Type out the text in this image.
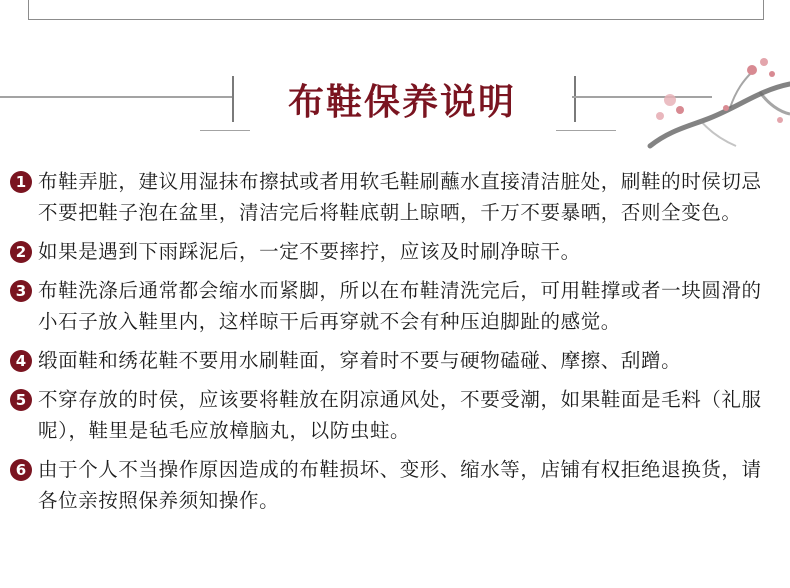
布鞋保养说明
1 布鞋弄脏，建议用湿抹布擦拭或者用软毛鞋刷蘸水直接清洁脏处，刷鞋的时侯切忌不要把鞋子泡在盆里，清洁完后将鞋底朝上晾晒，千万不要暴晒，否则全变色。
2 如果是遇到下雨踩泥后，一定不要摔拧，应该及时刷净晾干。
3 布鞋洗涤后通常都会缩水而紧脚，所以在布鞋清洗完后，可用鞋撑或者一块圆滑的小石子放入鞋里内，这样晾干后再穿就不会有种压迫脚趾的感觉。
4 缎面鞋和绣花鞋不要用水刷鞋面，穿着时不要与硬物磕碰、摩擦、刮蹭。
5 不穿存放的时侯，应该要将鞋放在阴凉通风处，不要受潮，如果鞋面是毛料（礼服呢），鞋里是毡毛应放樟脑丸，以防虫蛀。
6 由于个人不当操作原因造成的布鞋损坏、变形、缩水等，店铺有权拒绝退换货，请各位亲按照保养须知操作。
